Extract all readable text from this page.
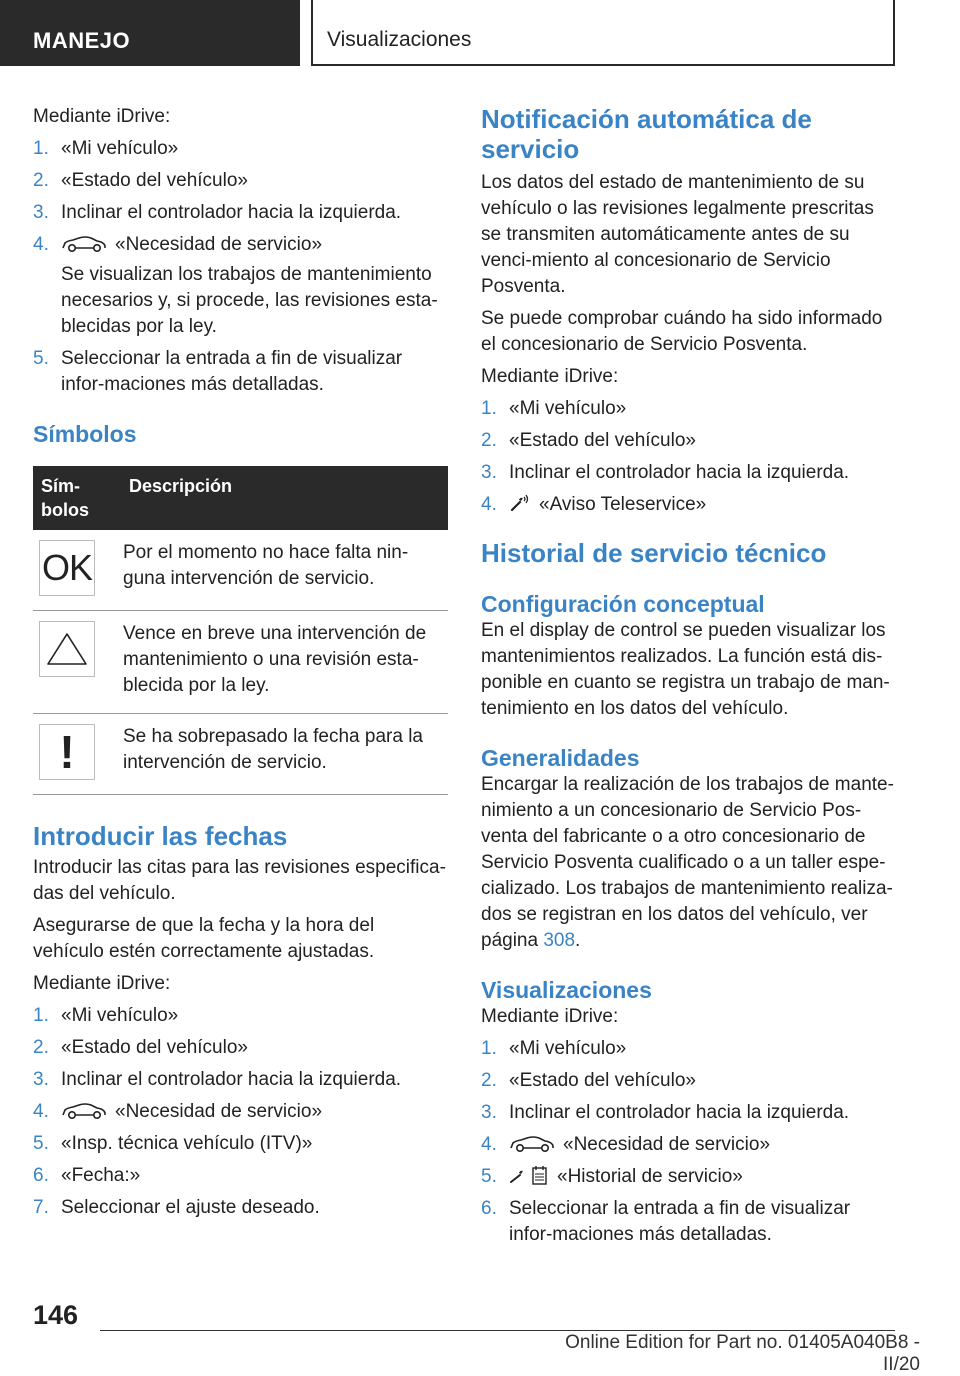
MANEJO	Visualizaciones

Mediante iDrive:

1. «Mi vehículo»
2. «Estado del vehículo»
3. Inclinar el controlador hacia la izquierda.
4.	«Necesidad de servicio»
Se visualizan los trabajos de mantenimiento necesarios y, si procede, las revisiones esta-blecidas por la ley.
5. Seleccionar la entrada a fin de visualizar infor-maciones más detalladas.
Símbolos
Sím-bolos	Descripción

OK	Por el momento no hace falta nin-guna intervención de servicio.

	Vence en breve una intervención de mantenimiento o una revisión esta-blecida por la ley.

!	Se ha sobrepasado la fecha para la intervención de servicio.
Introducir las fechas

Introducir las citas para las revisiones especifica-das del vehículo.

Asegurarse de que la fecha y la hora del vehículo estén correctamente ajustadas.

Mediante iDrive:

1. «Mi vehículo»
2. «Estado del vehículo»
3. Inclinar el controlador hacia la izquierda.
4.	«Necesidad de servicio»
5. «Insp. técnica vehículo (ITV)»
6. «Fecha:»
7. Seleccionar el ajuste deseado.
Notificación automática de servicio

Los datos del estado de mantenimiento de su vehículo o las revisiones legalmente prescritas se transmiten automáticamente antes de su venci-miento al concesionario de Servicio Posventa.

Se puede comprobar cuándo ha sido informado el concesionario de Servicio Posventa.

Mediante iDrive:

1. «Mi vehículo»
2. «Estado del vehículo»
3. Inclinar el controlador hacia la izquierda.
4. «Aviso Teleservice»
Historial de servicio técnico
Configuración conceptual

En el display de control se pueden visualizar los mantenimientos realizados. La función está dis-ponible en cuanto se registra un trabajo de man-tenimiento en los datos del vehículo.

Generalidades

Encargar la realización de los trabajos de mante-nimiento a un concesionario de Servicio Pos-venta del fabricante o a otro concesionario de Servicio Posventa cualificado o a un taller espe-cializado. Los trabajos de mantenimiento realiza-dos se registran en los datos del vehículo, ver página 308.

Visualizaciones

Mediante iDrive:

1. «Mi vehículo»
2. «Estado del vehículo»
3. Inclinar el controlador hacia la izquierda.
4.	«Necesidad de servicio»
5.	«Historial de servicio»
6. Seleccionar la entrada a fin de visualizar infor-maciones más detalladas.
146
Online Edition for Part no. 01405A040B8 - II/20
